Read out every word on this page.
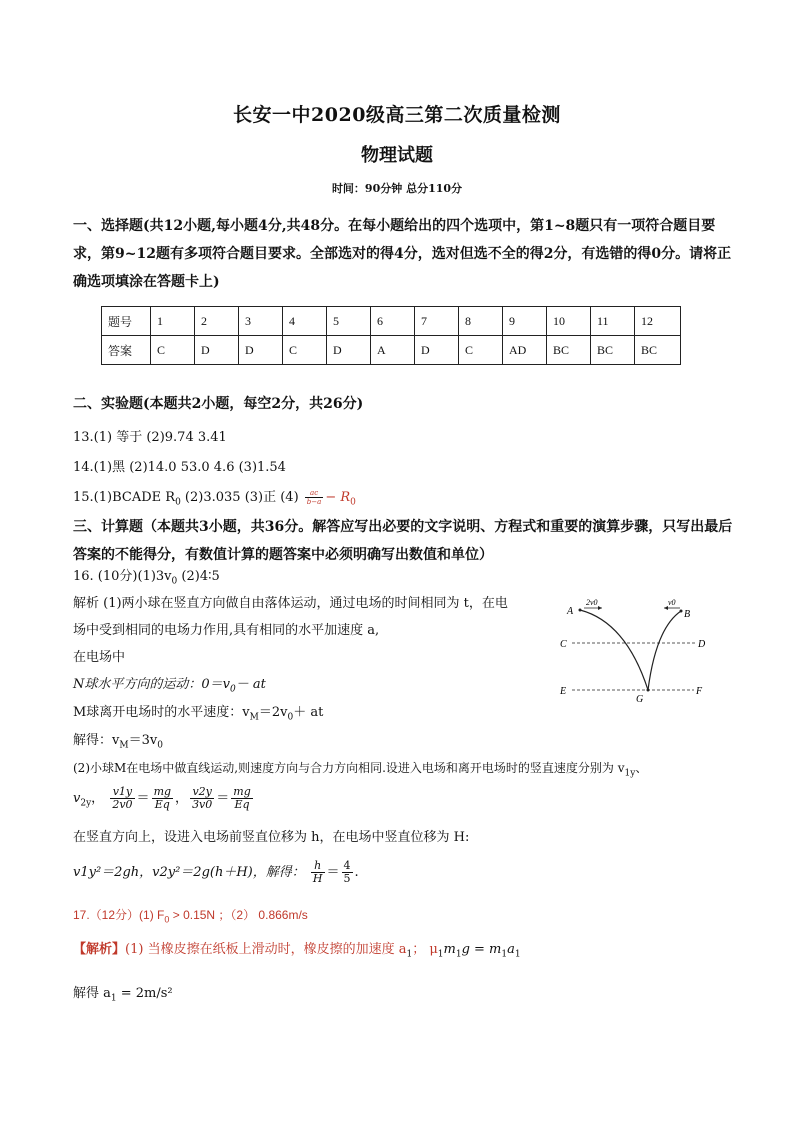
长安一中2020级高三第二次质量检测
物理试题
时间：90分钟 总分110分
一、选择题(共12小题,每小题4分,共48分。在每小题给出的四个选项中，第1~8题只有一项符合题目要求，第9~12题有多项符合题目要求。全部选对的得4分，选对但选不全的得2分，有选错的得0分。请将正确选项填涂在答题卡上)
题号	1	2	3	4	5	6	7	8	9	10	11	12
答案	C	D	D	C	D	A	D	C	AD	BC	BC	BC
二、实验题(本题共2小题，每空2分，共26分)
13.(1) 等于 (2)9.74 3.41
14.(1)黑 (2)14.0 53.0 4.6 (3)1.54
15.(1)BCADE $R_0$ (2)3.035 (3)正 $(4) \frac{ac}{b-a} - R_0$
三、计算题（本题共3小题，共36分。解答应写出必要的文字说明、方程式和重要的演算步骤，只写出最后答案的不能得分，有数值计算的题答案中必须明确写出数值和单位）
16. (10分)$(1)3v_0$ (2)4∶5
解析 (1)两小球在竖直方向做自由落体运动，通过电场的时间相同为 t，在电
场中受到相同的电场力作用,具有相同的水平加速度 a,
在电场中
N球水平方向的运动：$0=v_0-$ at
M球离开电场时的水平速度：$v_M=2v_0+$ at
解得：$v_M=3v_0$
(2)小球M在电场中做直线运动,则速度方向与合力方向相同.设进入电场和离开电场时的竖直速度分别为 $v_{1y}$、
$v_{2y}$， $\frac{v1y}{2v0} = \frac{mg}{Eq}$ ， $\frac{v2y}{3v0} = \frac{mg}{Eq}$
在竖直方向上，设进入电场前竖直位移为 h，在电场中竖直位移为 H:
v1y²＝2gh，v2y²＝2g(h＋H)，解得： $\frac{h}{H} = \frac{4}{5}$ .
17.（12分）(1) $F_0 > 0.15N$ ；（2） 0.866m/s
【解析】(1) 当橡皮擦在纸板上滑动时，橡皮擦的加速度 $a_1$； $\mu_1m_1g = m_1a_1$
解得 $a_1 = 2m/s^2$
A	B
C	D
E	F
G
2v0	v0
